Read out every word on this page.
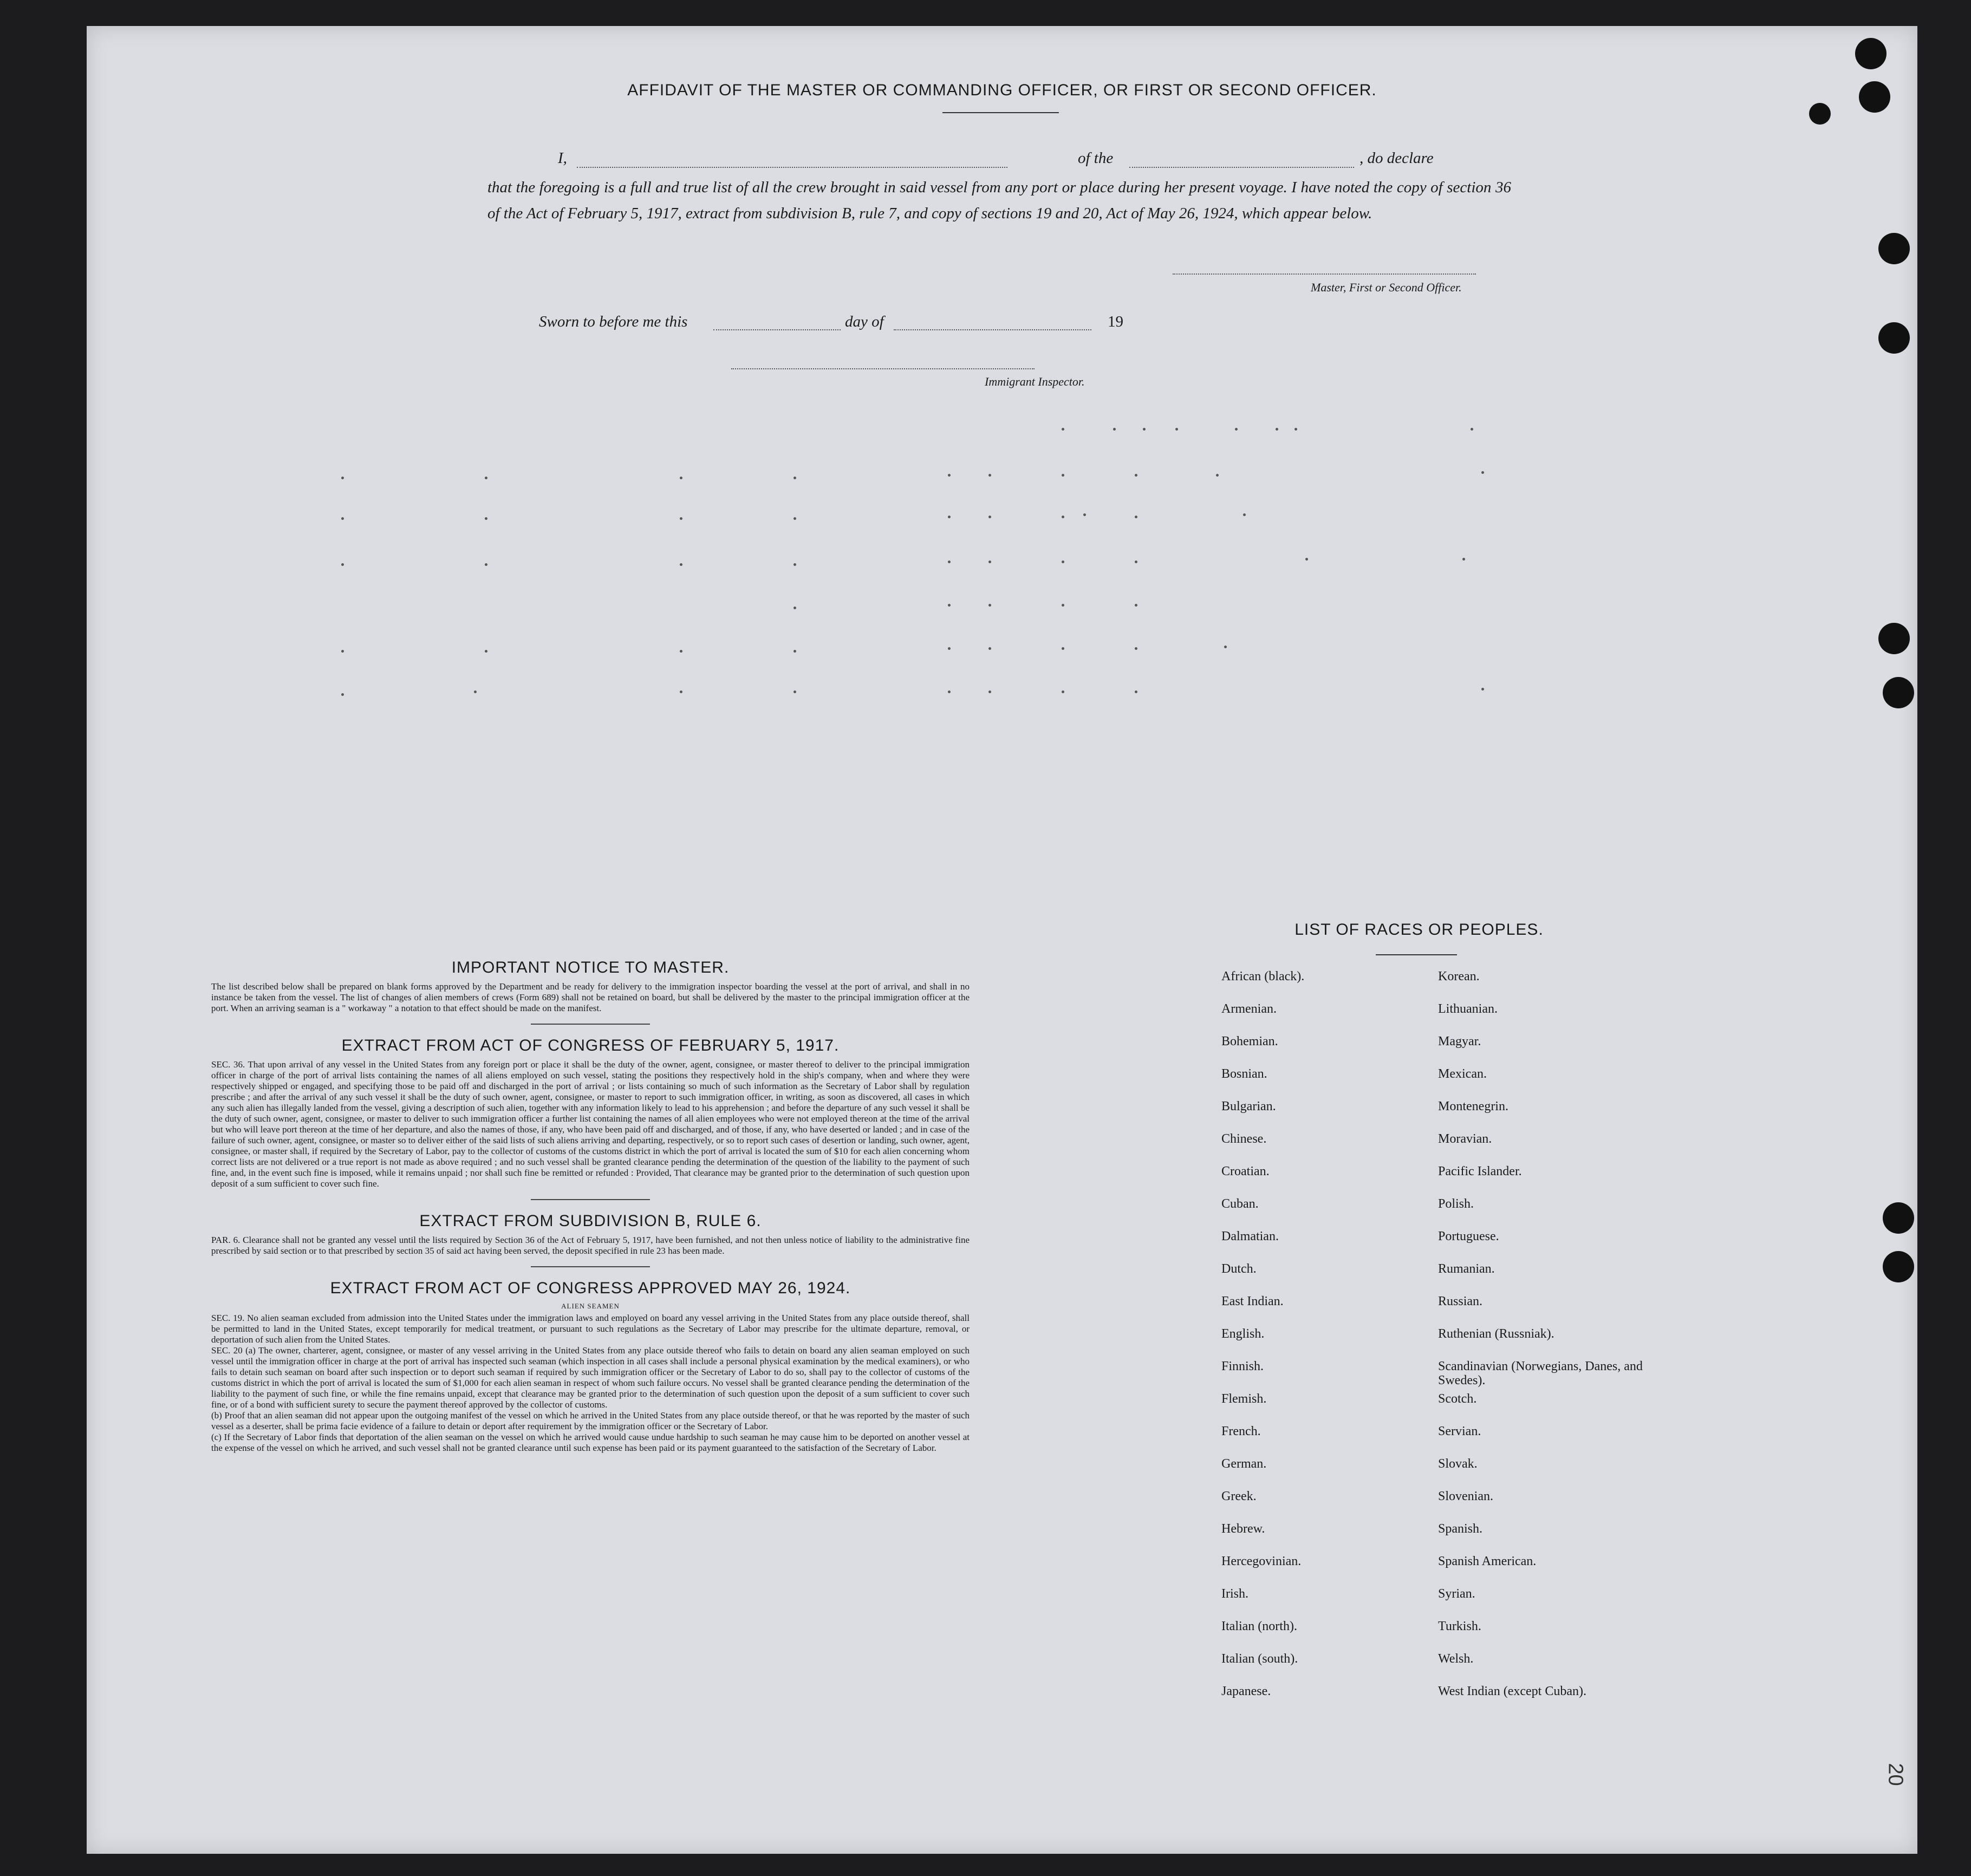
20
AFFIDAVIT OF THE MASTER OR COMMANDING OFFICER, OR FIRST OR SECOND OFFICER.
I,	of the	, do declare
that the foregoing is a full and true list of all the crew brought in said vessel from any port or place during her present voyage. I have noted the copy of section 36 of the Act of February 5, 1917, extract from subdivision B, rule 7, and copy of sections 19 and 20, Act of May 26, 1924, which appear below.
Master, First or Second Officer.
Sworn to before me this	day of	19
Immigrant Inspector.
IMPORTANT NOTICE TO MASTER.

The list described below shall be prepared on blank forms approved by the Department and be ready for delivery to the immigration inspector boarding the vessel at the port of arrival, and shall in no instance be taken from the vessel. The list of changes of alien members of crews (Form 689) shall not be retained on board, but shall be delivered by the master to the principal immigration officer at the port. When an arriving seaman is a " workaway " a notation to that effect should be made on the manifest.

EXTRACT FROM ACT OF CONGRESS OF FEBRUARY 5, 1917.

SEC. 36. That upon arrival of any vessel in the United States from any foreign port or place it shall be the duty of the owner, agent, consignee, or master thereof to deliver to the principal immigration officer in charge of the port of arrival lists containing the names of all aliens employed on such vessel, stating the positions they respectively hold in the ship's company, when and where they were respectively shipped or engaged, and specifying those to be paid off and discharged in the port of arrival ; or lists containing so much of such information as the Secretary of Labor shall by regulation prescribe ; and after the arrival of any such vessel it shall be the duty of such owner, agent, consignee, or master to report to such immigration officer, in writing, as soon as discovered, all cases in which any such alien has illegally landed from the vessel, giving a description of such alien, together with any information likely to lead to his apprehension ; and before the departure of any such vessel it shall be the duty of such owner, agent, consignee, or master to deliver to such immigration officer a further list containing the names of all alien employees who were not employed thereon at the time of the arrival but who will leave port thereon at the time of her departure, and also the names of those, if any, who have been paid off and discharged, and of those, if any, who have deserted or landed ; and in case of the failure of such owner, agent, consignee, or master so to deliver either of the said lists of such aliens arriving and departing, respectively, or so to report such cases of desertion or landing, such owner, agent, consignee, or master shall, if required by the Secretary of Labor, pay to the collector of customs of the customs district in which the port of arrival is located the sum of $10 for each alien concerning whom correct lists are not delivered or a true report is not made as above required ; and no such vessel shall be granted clearance pending the determination of the question of the liability to the payment of such fine, and, in the event such fine is imposed, while it remains unpaid ; nor shall such fine be remitted or refunded : Provided, That clearance may be granted prior to the determination of such question upon deposit of a sum sufficient to cover such fine.

EXTRACT FROM SUBDIVISION B, RULE 6.

PAR. 6. Clearance shall not be granted any vessel until the lists required by Section 36 of the Act of February 5, 1917, have been furnished, and not then unless notice of liability to the administrative fine prescribed by said section or to that prescribed by section 35 of said act having been served, the deposit specified in rule 23 has been made.

EXTRACT FROM ACT OF CONGRESS APPROVED MAY 26, 1924.

ALIEN SEAMEN

SEC. 19. No alien seaman excluded from admission into the United States under the immigration laws and employed on board any vessel arriving in the United States from any place outside thereof, shall be permitted to land in the United States, except temporarily for medical treatment, or pursuant to such regulations as the Secretary of Labor may prescribe for the ultimate departure, removal, or deportation of such alien from the United States.

SEC. 20 (a) The owner, charterer, agent, consignee, or master of any vessel arriving in the United States from any place outside thereof who fails to detain on board any alien seaman employed on such vessel until the immigration officer in charge at the port of arrival has inspected such seaman (which inspection in all cases shall include a personal physical examination by the medical examiners), or who fails to detain such seaman on board after such inspection or to deport such seaman if required by such immigration officer or the Secretary of Labor to do so, shall pay to the collector of customs of the customs district in which the port of arrival is located the sum of $1,000 for each alien seaman in respect of whom such failure occurs. No vessel shall be granted clearance pending the determination of the liability to the payment of such fine, or while the fine remains unpaid, except that clearance may be granted prior to the determination of such question upon the deposit of a sum sufficient to cover such fine, or of a bond with sufficient surety to secure the payment thereof approved by the collector of customs.

(b) Proof that an alien seaman did not appear upon the outgoing manifest of the vessel on which he arrived in the United States from any place outside thereof, or that he was reported by the master of such vessel as a deserter, shall be prima facie evidence of a failure to detain or deport after requirement by the immigration officer or the Secretary of Labor.

(c) If the Secretary of Labor finds that deportation of the alien seaman on the vessel on which he arrived would cause undue hardship to such seaman he may cause him to be deported on another vessel at the expense of the vessel on which he arrived, and such vessel shall not be granted clearance until such expense has been paid or its payment guaranteed to the satisfaction of the Secretary of Labor.

LIST OF RACES OR PEOPLES.
African (black).	Korean.
Armenian.	Lithuanian.
Bohemian.	Magyar.
Bosnian.	Mexican.
Bulgarian.	Montenegrin.
Chinese.	Moravian.
Croatian.	Pacific Islander.
Cuban.	Polish.
Dalmatian.	Portuguese.
Dutch.	Rumanian.
East Indian.	Russian.
English.	Ruthenian (Russniak).
Finnish.	Scandinavian (Norwegians, Danes, and Swedes).
Flemish.	Scotch.
French.	Servian.
German.	Slovak.
Greek.	Slovenian.
Hebrew.	Spanish.
Hercegovinian.	Spanish American.
Irish.	Syrian.
Italian (north).	Turkish.
Italian (south).	Welsh.
Japanese.	West Indian (except Cuban).
